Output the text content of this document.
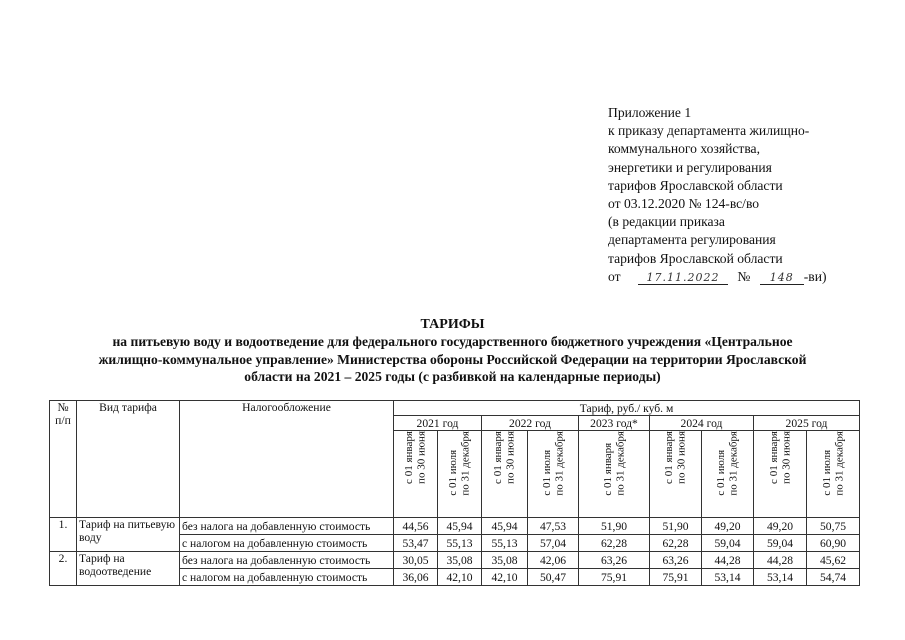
Приложение 1
к приказу департамента жилищно-
коммунального хозяйства,
энергетики и регулирования
тарифов Ярославской области
от 03.12.2020 № 124-вс/во
(в редакции приказа
департамента регулирования
тарифов Ярославской области
от 17.11.2022 № 148 -ви)
ТАРИФЫ
на питьевую воду и водоотведение для федерального государственного бюджетного учреждения «Центральное
жилищно-коммунальное управление» Министерства обороны Российской Федерации на территории Ярославской
области на 2021 – 2025 годы (с разбивкой на календарные периоды)
№ п/п	Вид тарифа	Налогообложение	Тариф, руб./ куб. м								
			2021 год		2022 год		2023 год*	2024 год		2025 год	

			с 01 января
по 30 июня	с 01 июля
по 31 декабря	с 01 января
по 30 июня	с 01 июля
по 31 декабря	с 01 января
по 31 декабря	с 01 января
по 30 июня	с 01 июля
по 31 декабря	с 01 января
по 30 июня	с 01 июля
по 31 декабря

1.	Тариф на питьевую воду	без налога на добавленную стоимость	44,56	45,94	45,94	47,53	51,90	51,90	49,20	49,20	50,75
		с налогом на добавленную стоимость	53,47	55,13	55,13	57,04	62,28	62,28	59,04	59,04	60,90
2.	Тариф на водоотведение	без налога на добавленную стоимость	30,05	35,08	35,08	42,06	63,26	63,26	44,28	44,28	45,62
		с налогом на добавленную стоимость	36,06	42,10	42,10	50,47	75,91	75,91	53,14	53,14	54,74
